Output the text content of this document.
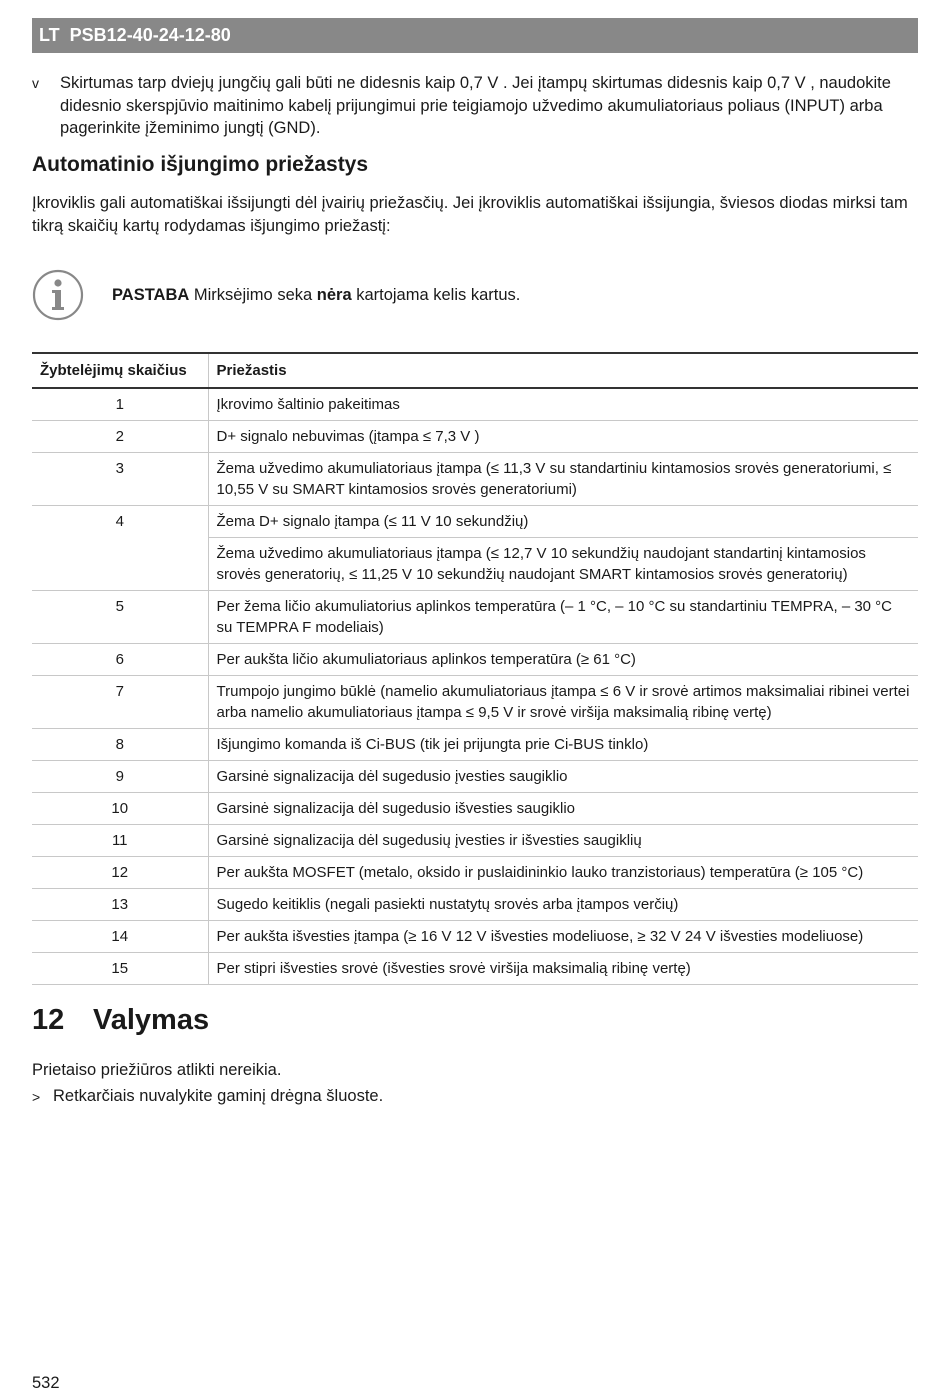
LT PSB12-40-24-12-80
v	Skirtumas tarp dviejų jungčių gali būti ne didesnis kaip 0,7 V . Jei įtampų skirtumas didesnis kaip 0,7 V , naudokite didesnio skerspjūvio maitinimo kabelį prijungimui prie teigiamojo užvedimo akumuliatoriaus poliaus (INPUT) arba pagerinkite įžeminimo jungtį (GND).
Automatinio išjungimo priežastys
Įkroviklis gali automatiškai išsijungti dėl įvairių priežasčių. Jei įkroviklis automatiškai išsijungia, šviesos diodas mirksi tam tikrą skaičių kartų rodydamas išjungimo priežastį:
PASTABA Mirksėjimo seka nėra kartojama kelis kartus.
Žybtelėjimų skaičius	Priežastis
1	Įkrovimo šaltinio pakeitimas
2	D+ signalo nebuvimas (įtampa ≤ 7,3 V )
3	Žema užvedimo akumuliatoriaus įtampa (≤ 11,3 V su standartiniu kintamosios srovės generatoriumi, ≤ 10,55 V su SMART kintamosios srovės generatoriumi)
4	Žema D+ signalo įtampa (≤ 11 V 10 sekundžių)
	Žema užvedimo akumuliatoriaus įtampa (≤ 12,7 V 10 sekundžių naudojant standartinį kintamosios srovės generatorių, ≤ 11,25 V 10 sekundžių naudojant SMART kintamosios srovės generatorių)
5	Per žema ličio akumuliatorius aplinkos temperatūra (– 1 °C, – 10 °C su standartiniu TEMPRA, – 30 °C su TEMPRA F modeliais)
6	Per aukšta ličio akumuliatoriaus aplinkos temperatūra (≥ 61 °C)
7	Trumpojo jungimo būklė (namelio akumuliatoriaus įtampa ≤ 6 V ir srovė artimos maksimaliai ribinei vertei arba namelio akumuliatoriaus įtampa ≤ 9,5 V ir srovė viršija maksimalią ribinę vertę)
8	Išjungimo komanda iš Ci-BUS (tik jei prijungta prie Ci-BUS tinklo)
9	Garsinė signalizacija dėl sugedusio įvesties saugiklio
10	Garsinė signalizacija dėl sugedusio išvesties saugiklio
11	Garsinė signalizacija dėl sugedusių įvesties ir išvesties saugiklių
12	Per aukšta MOSFET (metalo, oksido ir puslaidininkio lauko tranzistoriaus) temperatūra (≥ 105 °C)
13	Sugedo keitiklis (negali pasiekti nustatytų srovės arba įtampos verčių)
14	Per aukšta išvesties įtampa (≥ 16 V 12 V išvesties modeliuose, ≥ 32 V 24 V išvesties modeliuose)
15	Per stipri išvesties srovė (išvesties srovė viršija maksimalią ribinę vertę)
12 Valymas
Prietaiso priežiūros atlikti nereikia.
> Retkarčiais nuvalykite gaminį drėgna šluoste.
532
